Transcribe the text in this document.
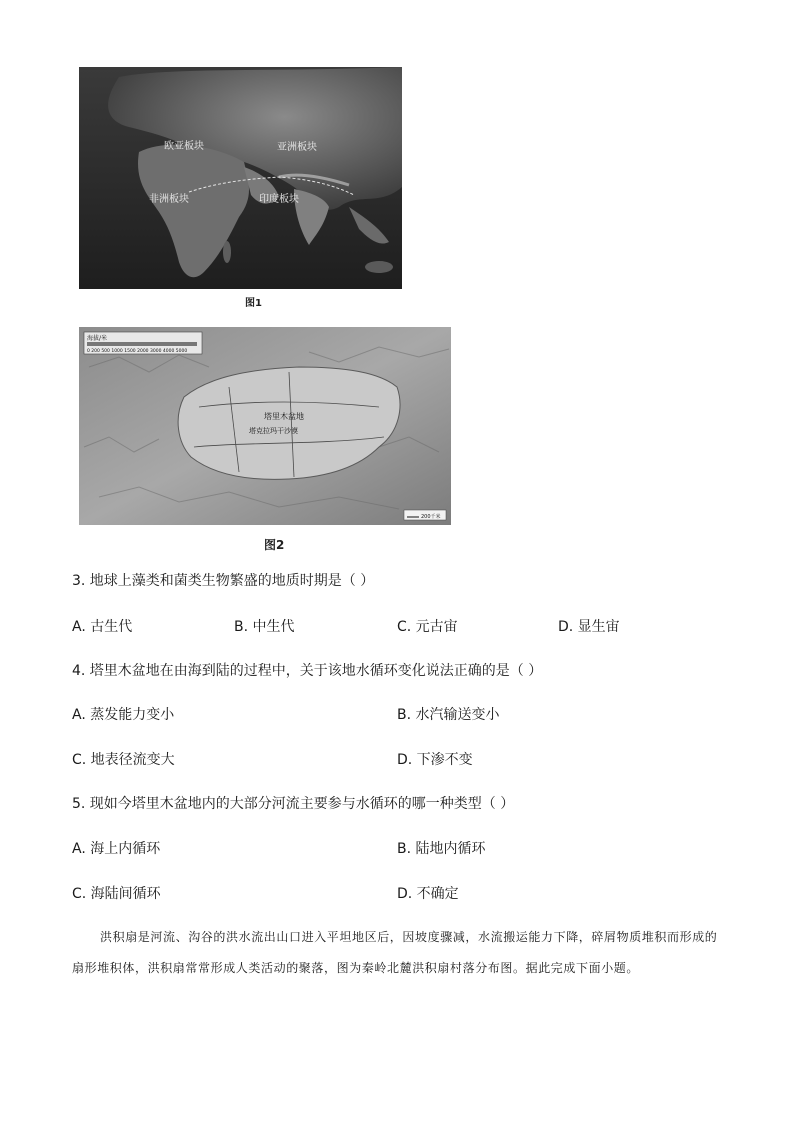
欧亚板块	亚洲板块
非洲板块	印度板块
图1
海拔/米
0 200 500 1000 1500 2000 3000 4000 5000
塔里木盆地
塔克拉玛干沙漠
200千米
图2
3. 地球上藻类和菌类生物繁盛的地质时期是（ ）
A. 古生代	B. 中生代	C. 元古宙	D. 显生宙
4. 塔里木盆地在由海到陆的过程中，关于该地水循环变化说法正确的是（ ）
A. 蒸发能力变小	B. 水汽输送变小
C. 地表径流变大	D. 下渗不变
5. 现如今塔里木盆地内的大部分河流主要参与水循环的哪一种类型（ ）
A. 海上内循环	B. 陆地内循环
C. 海陆间循环	D. 不确定
洪积扇是河流、沟谷的洪水流出山口进入平坦地区后，因坡度骤减，水流搬运能力下降，碎屑物质堆积而形成的扇形堆积体，洪积扇常常形成人类活动的聚落，图为秦岭北麓洪积扇村落分布图。据此完成下面小题。
